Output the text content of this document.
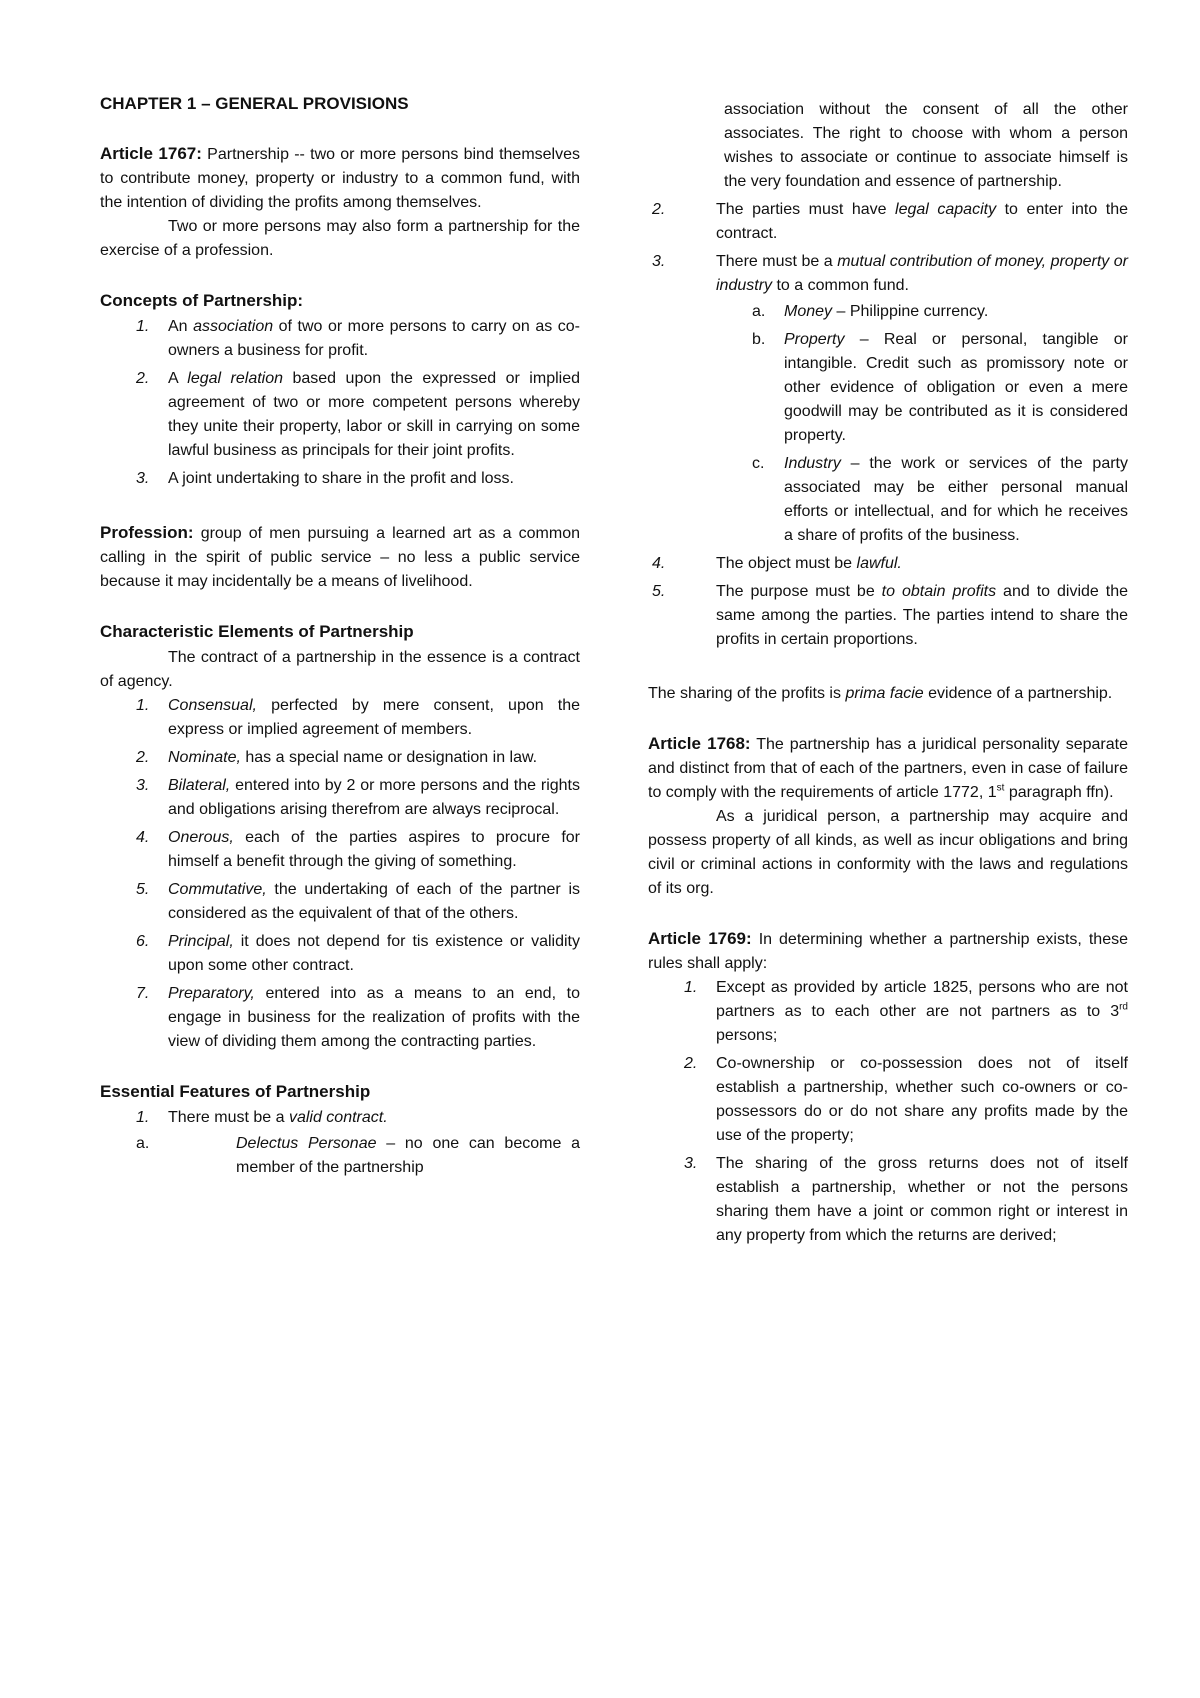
CHAPTER 1 – GENERAL PROVISIONS

Article 1767: Partnership -- two or more persons bind themselves to contribute money, property or industry to a common fund, with the intention of dividing the profits among themselves.

Two or more persons may also form a partnership for the exercise of a profession.

Concepts of Partnership:

1. An association of two or more persons to carry on as co-owners a business for profit.
2. A legal relation based upon the expressed or implied agreement of two or more competent persons whereby they unite their property, labor or skill in carrying on some lawful business as principals for their joint profits.
3. A joint undertaking to share in the profit and loss.

Profession: group of men pursuing a learned art as a common calling in the spirit of public service – no less a public service because it may incidentally be a means of livelihood.

Characteristic Elements of Partnership

The contract of a partnership in the essence is a contract of agency.

1. Consensual, perfected by mere consent, upon the express or implied agreement of members.
2. Nominate, has a special name or designation in law.
3. Bilateral, entered into by 2 or more persons and the rights and obligations arising therefrom are always reciprocal.
4. Onerous, each of the parties aspires to procure for himself a benefit through the giving of something.
5. Commutative, the undertaking of each of the partner is considered as the equivalent of that of the others.
6. Principal, it does not depend for tis existence or validity upon some other contract.
7. Preparatory, entered into as a means to an end, to engage in business for the realization of profits with the view of dividing them among the contracting parties.

Essential Features of Partnership

1. There must be a valid contract.
a.	Delectus Personae – no one can become a member of the partnership

association without the consent of all the other associates. The right to choose with whom a person wishes to associate or continue to associate himself is the very foundation and essence of partnership.

2.	The parties must have legal capacity to enter into the contract.
3.	There must be a mutual contribution of money, property or industry to a common fund.
a. Money – Philippine currency.
b. Property – Real or personal, tangible or intangible. Credit such as promissory note or other evidence of obligation or even a mere goodwill may be contributed as it is considered property.
c. Industry – the work or services of the party associated may be either personal manual efforts or intellectual, and for which he receives a share of profits of the business.
4.	The object must be lawful.
5.	The purpose must be to obtain profits and to divide the same among the parties. The parties intend to share the profits in certain proportions.

The sharing of the profits is prima facie evidence of a partnership.

Article 1768: The partnership has a juridical personality separate and distinct from that of each of the partners, even in case of failure to comply with the requirements of article 1772, 1st paragraph ffn).

As a juridical person, a partnership may acquire and possess property of all kinds, as well as incur obligations and bring civil or criminal actions in conformity with the laws and regulations of its org.

Article 1769: In determining whether a partnership exists, these rules shall apply:

1. Except as provided by article 1825, persons who are not partners as to each other are not partners as to 3rd persons;
2. Co-ownership or co-possession does not of itself establish a partnership, whether such co-owners or co-possessors do or do not share any profits made by the use of the property;
3. The sharing of the gross returns does not of itself establish a partnership, whether or not the persons sharing them have a joint or common right or interest in any property from which the returns are derived;
